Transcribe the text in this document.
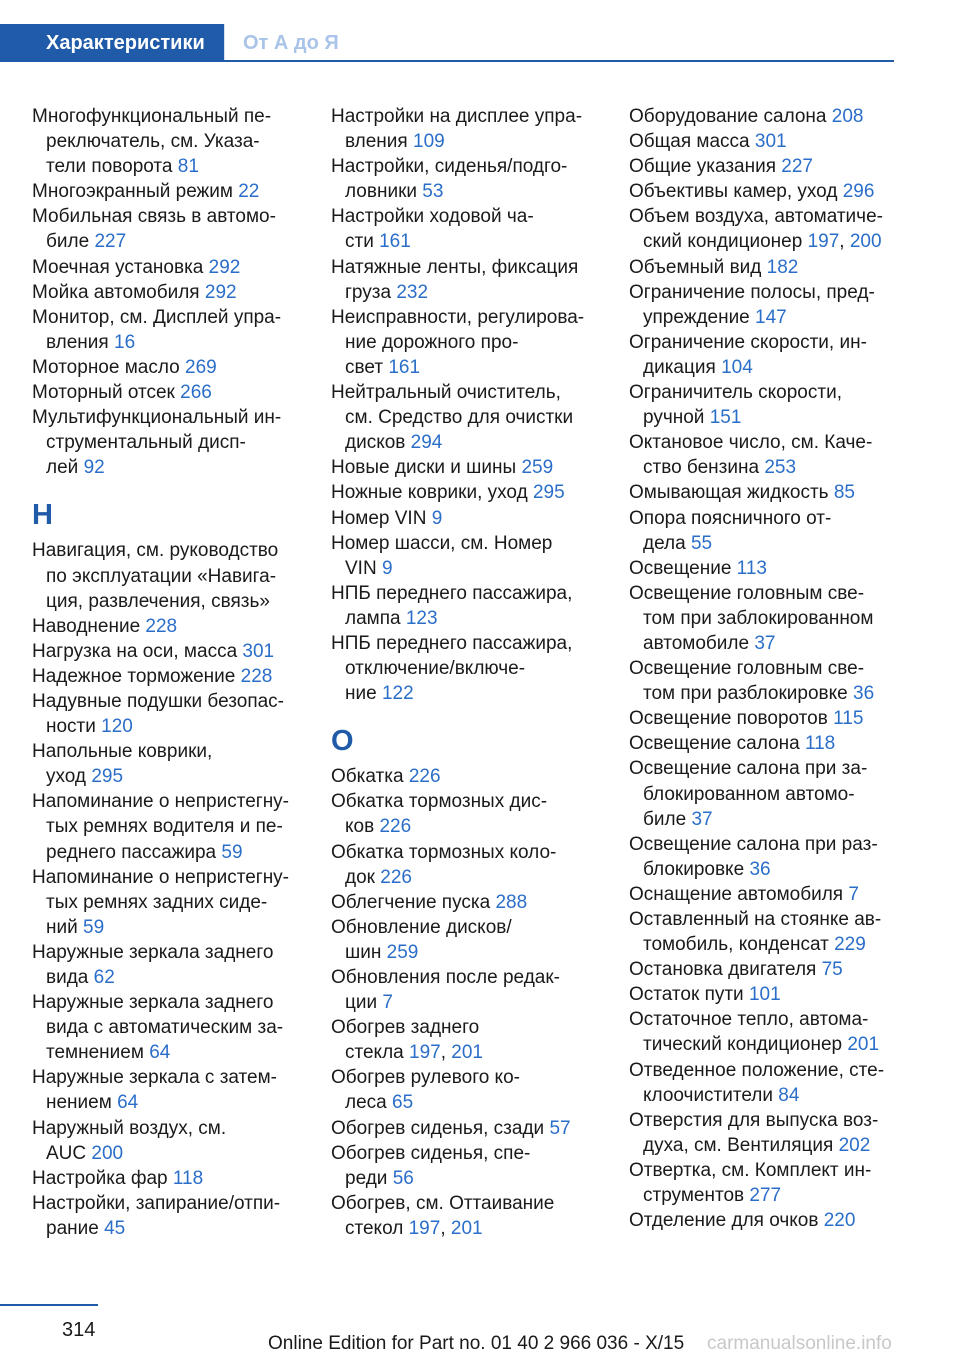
Характеристики	От А до Я
Многофункциональный пе-
реключатель, см. Указа-
тели поворота 81
Многоэкранный режим 22
Мобильная связь в автомо-
биле 227
Моечная установка 292
Мойка автомобиля 292
Монитор, см. Дисплей упра-
вления 16
Моторное масло 269
Моторный отсек 266
Мультифункциональный ин-
струментальный дисп-
лей 92
Н
Навигация, см. руководство
по эксплуатации «Навига-
ция, развлечения, связь»
Наводнение 228
Нагрузка на оси, масса 301
Надежное торможение 228
Надувные подушки безопас-
ности 120
Напольные коврики,
уход 295
Напоминание о непристегну-
тых ремнях водителя и пе-
реднего пассажира 59
Напоминание о непристегну-
тых ремнях задних сиде-
ний 59
Наружные зеркала заднего
вида 62
Наружные зеркала заднего
вида с автоматическим за-
темнением 64
Наружные зеркала с затем-
нением 64
Наружный воздух, см.
AUC 200
Настройка фар 118
Настройки, запирание/отпи-
рание 45
Настройки на дисплее упра-
вления 109
Настройки, сиденья/подго-
ловники 53
Настройки ходовой ча-
сти 161
Натяжные ленты, фиксация
груза 232
Неисправности, регулирова-
ние дорожного про-
свет 161
Нейтральный очиститель,
см. Средство для очистки
дисков 294
Новые диски и шины 259
Ножные коврики, уход 295
Номер VIN 9
Номер шасси, см. Номер
VIN 9
НПБ переднего пассажира,
лампа 123
НПБ переднего пассажира,
отключение/включе-
ние 122
О
Обкатка 226
Обкатка тормозных дис-
ков 226
Обкатка тормозных коло-
док 226
Облегчение пуска 288
Обновление дисков/
шин 259
Обновления после редак-
ции 7
Обогрев заднего
стекла 197, 201
Обогрев рулевого ко-
леса 65
Обогрев сиденья, сзади 57
Обогрев сиденья, спе-
реди 56
Обогрев, см. Оттаивание
стекол 197, 201
Оборудование салона 208
Общая масса 301
Общие указания 227
Объективы камер, уход 296
Объем воздуха, автоматиче-
ский кондиционер 197, 200
Объемный вид 182
Ограничение полосы, пред-
упреждение 147
Ограничение скорости, ин-
дикация 104
Ограничитель скорости,
ручной 151
Октановое число, см. Каче-
ство бензина 253
Омывающая жидкость 85
Опора поясничного от-
дела 55
Освещение 113
Освещение головным све-
том при заблокированном
автомобиле 37
Освещение головным све-
том при разблокировке 36
Освещение поворотов 115
Освещение салона 118
Освещение салона при за-
блокированном автомо-
биле 37
Освещение салона при раз-
блокировке 36
Оснащение автомобиля 7
Оставленный на стоянке ав-
томобиль, конденсат 229
Остановка двигателя 75
Остаток пути 101
Остаточное тепло, автома-
тический кондиционер 201
Отведенное положение, сте-
клоочистители 84
Отверстия для выпуска воз-
духа, см. Вентиляция 202
Отвертка, см. Комплект ин-
струментов 277
Отделение для очков 220
314
Online Edition for Part no. 01 40 2 966 036 - X/15 carmanualsonline.info
